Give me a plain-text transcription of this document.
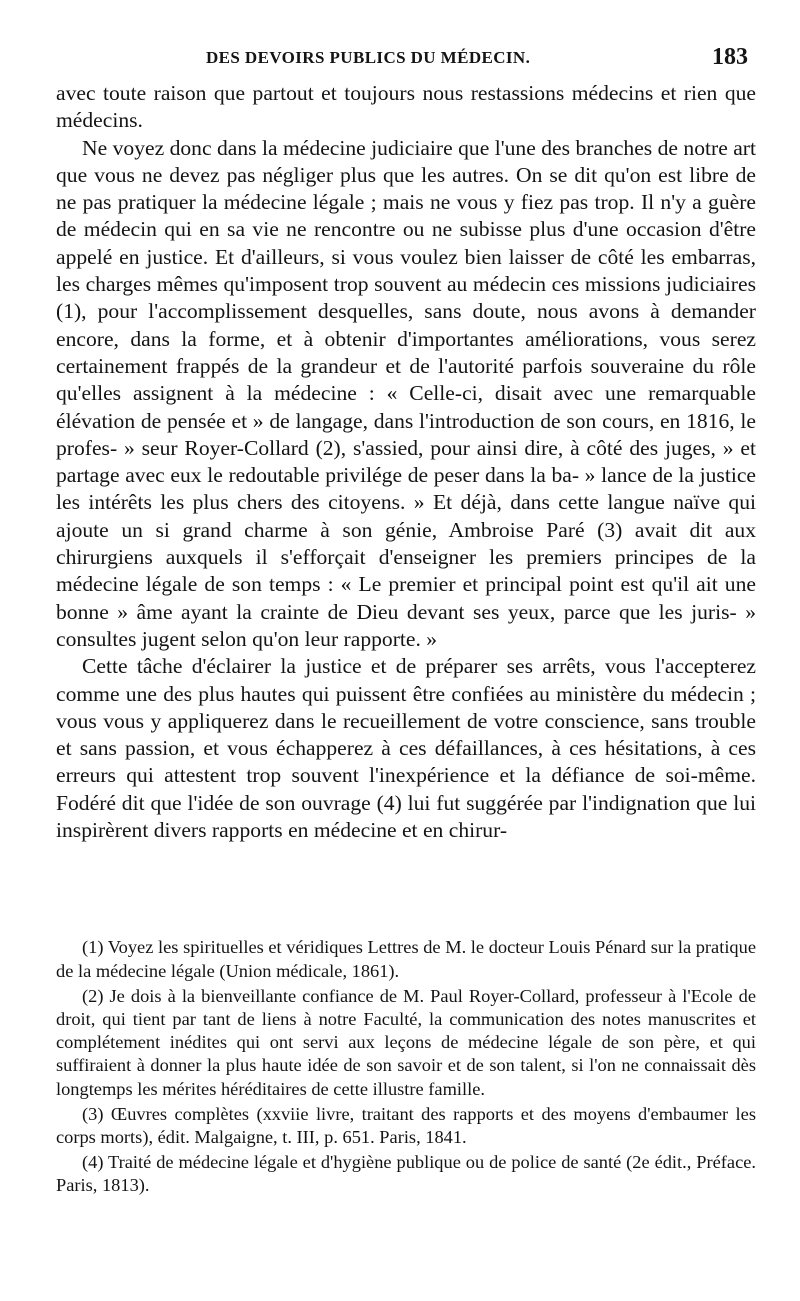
DES DEVOIRS PUBLICS DU MÉDECIN.	183

avec toute raison que partout et toujours nous restassions médecins et rien que médecins.

Ne voyez donc dans la médecine judiciaire que l'une des branches de notre art que vous ne devez pas négliger plus que les autres. On se dit qu'on est libre de ne pas pratiquer la médecine légale ; mais ne vous y fiez pas trop. Il n'y a guère de médecin qui en sa vie ne rencontre ou ne subisse plus d'une occasion d'être appelé en justice. Et d'ailleurs, si vous voulez bien laisser de côté les embarras, les charges mêmes qu'imposent trop souvent au médecin ces missions judiciaires (1), pour l'accomplissement desquelles, sans doute, nous avons à demander encore, dans la forme, et à obtenir d'importantes améliorations, vous serez certainement frappés de la grandeur et de l'autorité parfois souveraine du rôle qu'elles assignent à la médecine : « Celle-ci, disait avec une remarquable élévation de pensée et » de langage, dans l'introduction de son cours, en 1816, le profes- » seur Royer-Collard (2), s'assied, pour ainsi dire, à côté des juges, » et partage avec eux le redoutable privilége de peser dans la ba- » lance de la justice les intérêts les plus chers des citoyens. » Et déjà, dans cette langue naïve qui ajoute un si grand charme à son génie, Ambroise Paré (3) avait dit aux chirurgiens auxquels il s'efforçait d'enseigner les premiers principes de la médecine légale de son temps : « Le premier et principal point est qu'il ait une bonne » âme ayant la crainte de Dieu devant ses yeux, parce que les juris- » consultes jugent selon qu'on leur rapporte. »

Cette tâche d'éclairer la justice et de préparer ses arrêts, vous l'accepterez comme une des plus hautes qui puissent être confiées au ministère du médecin ; vous vous y appliquerez dans le recueillement de votre conscience, sans trouble et sans passion, et vous échapperez à ces défaillances, à ces hésitations, à ces erreurs qui attestent trop souvent l'inexpérience et la défiance de soi-même. Fodéré dit que l'idée de son ouvrage (4) lui fut suggérée par l'indignation que lui inspirèrent divers rapports en médecine et en chirur-

(1) Voyez les spirituelles et véridiques Lettres de M. le docteur Louis Pénard sur la pratique de la médecine légale (Union médicale, 1861).

(2) Je dois à la bienveillante confiance de M. Paul Royer-Collard, professeur à l'Ecole de droit, qui tient par tant de liens à notre Faculté, la communication des notes manuscrites et complétement inédites qui ont servi aux leçons de médecine légale de son père, et qui suffiraient à donner la plus haute idée de son savoir et de son talent, si l'on ne connaissait dès longtemps les mérites héréditaires de cette illustre famille.

(3) Œuvres complètes (xxviie livre, traitant des rapports et des moyens d'embaumer les corps morts), édit. Malgaigne, t. III, p. 651. Paris, 1841.

(4) Traité de médecine légale et d'hygiène publique ou de police de santé (2e édit., Préface. Paris, 1813).
